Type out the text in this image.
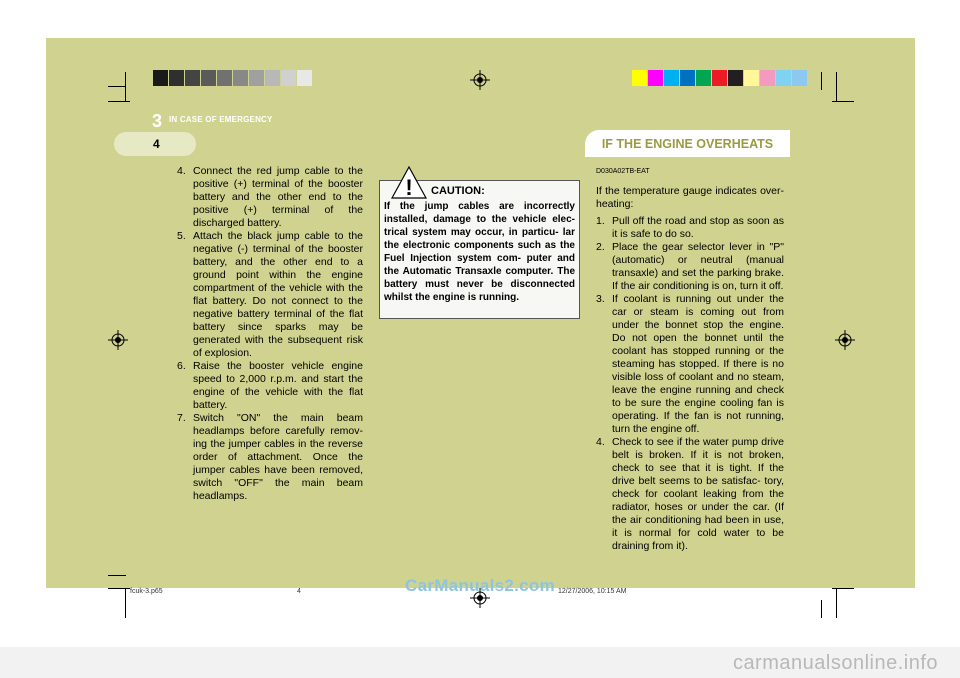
3 IN CASE OF EMERGENCY
4	IF THE ENGINE OVERHEATS
4. Connect the red jump cable to the positive (+) terminal of the booster battery and the other end to the positive (+) terminal of the discharged battery.
5. Attach the black jump cable to the negative (-) terminal of the booster battery, and the other end to a ground point within the engine compartment of the vehicle with the flat battery. Do not connect to the negative battery terminal of the flat battery since sparks may be generated with the subsequent risk of explosion.
6. Raise the booster vehicle engine speed to 2,000 r.p.m. and start the engine of the vehicle with the flat battery.
7. Switch "ON" the main beam headlamps before carefully remov- ing the jumper cables in the reverse order of attachment. Once the jumper cables have been removed, switch "OFF" the main beam headlamps.
! CAUTION:
If the jump cables are incorrectly installed, damage to the vehicle elec- trical system may occur, in particu- lar the electronic components such as the Fuel Injection system com- puter and the Automatic Transaxle computer. The battery must never be disconnected whilst the engine is running.

D030A02TB-EAT

If the temperature gauge indicates over- heating:

1. Pull off the road and stop as soon as it is safe to do so.
2. Place the gear selector lever in "P" (automatic) or neutral (manual transaxle) and set the parking brake. If the air conditioning is on, turn it off.
3. If coolant is running out under the car or steam is coming out from under the bonnet stop the engine. Do not open the bonnet until the coolant has stopped running or the steaming has stopped. If there is no visible loss of coolant and no steam, leave the engine running and check to be sure the engine cooling fan is operating. If the fan is not running, turn the engine off.
4. Check to see if the water pump drive belt is broken. If it is not broken, check to see that it is tight. If the drive belt seems to be satisfac- tory, check for coolant leaking from the radiator, hoses or under the car. (If the air conditioning had been in use, it is normal for cold water to be draining from it).
fcuk-3.p65	4	12/27/2006, 10:15 AM
CarManuals2.com
carmanualsonline.info
